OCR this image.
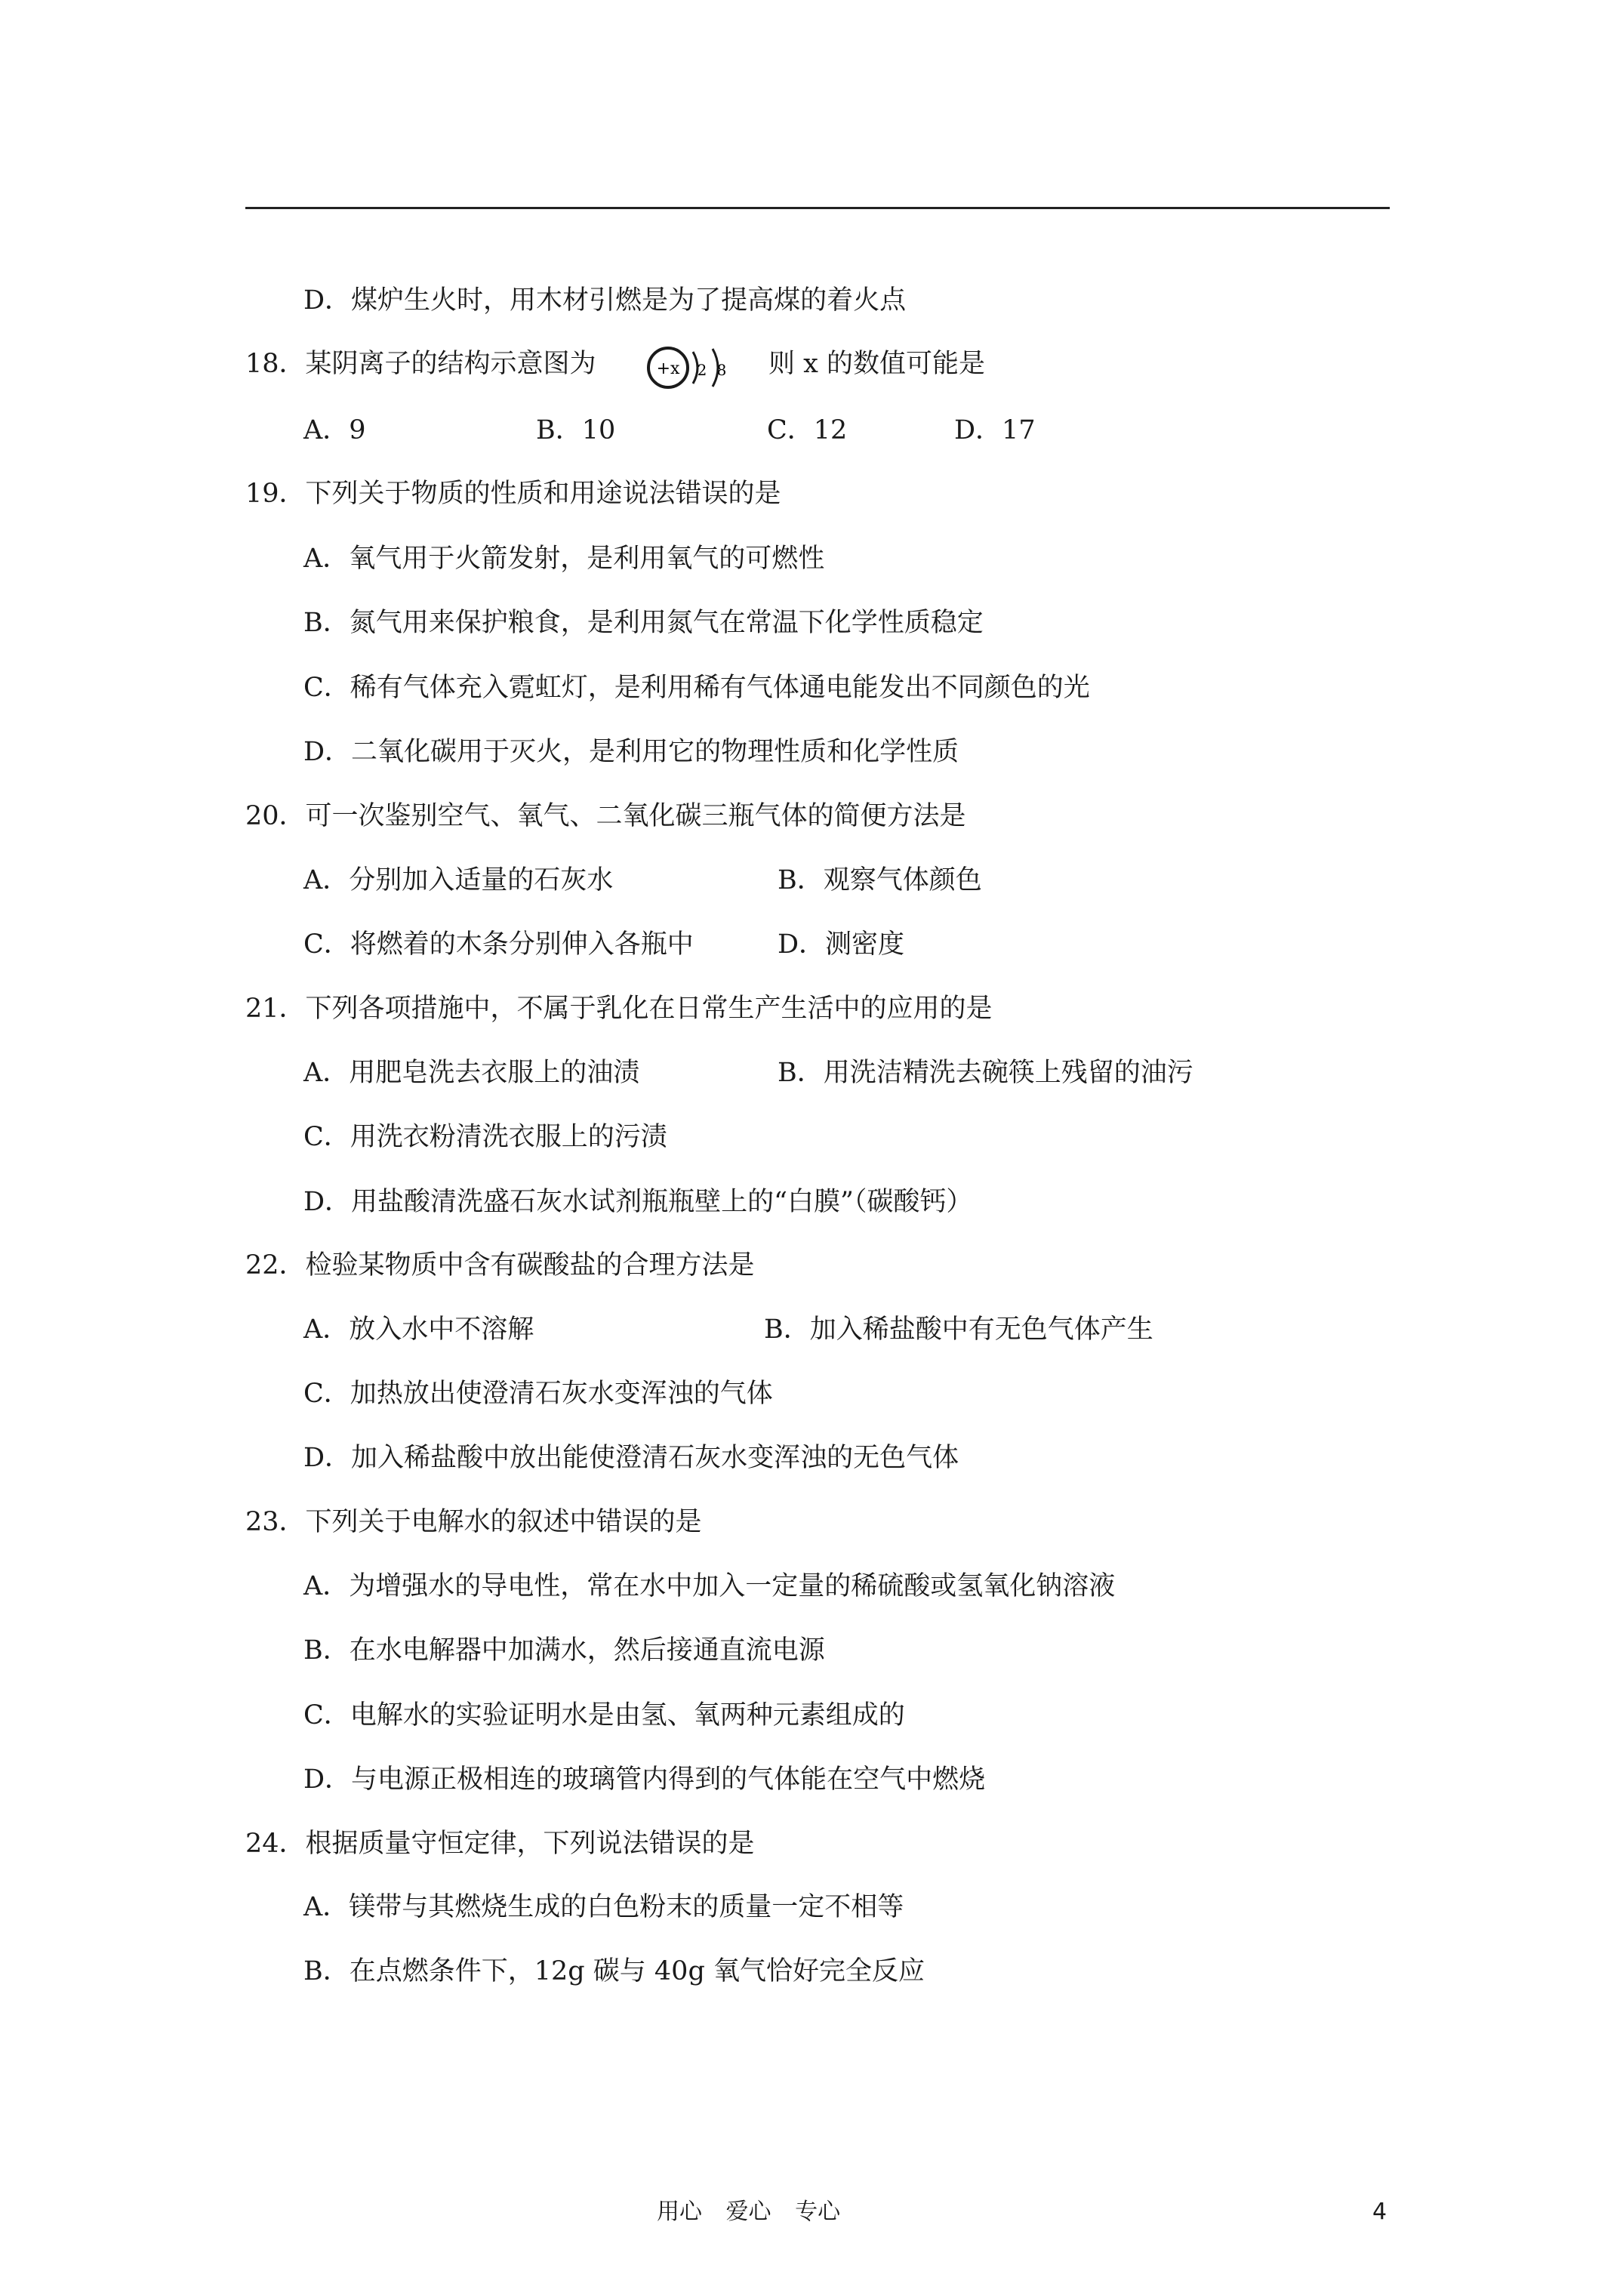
D．煤炉生火时，用木材引燃是为了提高煤的着火点
18．某阴离子的结构示意图为	+x 2 8 则 x 的数值可能是
A．9	B．10	C．12	D．17
19．下列关于物质的性质和用途说法错误的是
A．氧气用于火箭发射，是利用氧气的可燃性
B．氮气用来保护粮食，是利用氮气在常温下化学性质稳定
C．稀有气体充入霓虹灯，是利用稀有气体通电能发出不同颜色的光
D．二氧化碳用于灭火，是利用它的物理性质和化学性质
20．可一次鉴别空气、氧气、二氧化碳三瓶气体的简便方法是
A．分别加入适量的石灰水	B．观察气体颜色
C．将燃着的木条分别伸入各瓶中	D．测密度
21．下列各项措施中，不属于乳化在日常生产生活中的应用的是
A．用肥皂洗去衣服上的油渍	B．用洗洁精洗去碗筷上残留的油污
C．用洗衣粉清洗衣服上的污渍
D．用盐酸清洗盛石灰水试剂瓶瓶壁上的“白膜”（碳酸钙）
22．检验某物质中含有碳酸盐的合理方法是
A．放入水中不溶解	B．加入稀盐酸中有无色气体产生
C．加热放出使澄清石灰水变浑浊的气体
D．加入稀盐酸中放出能使澄清石灰水变浑浊的无色气体
23．下列关于电解水的叙述中错误的是
A．为增强水的导电性，常在水中加入一定量的稀硫酸或氢氧化钠溶液
B．在水电解器中加满水，然后接通直流电源
C．电解水的实验证明水是由氢、氧两种元素组成的
D．与电源正极相连的玻璃管内得到的气体能在空气中燃烧
24．根据质量守恒定律，下列说法错误的是
A．镁带与其燃烧生成的白色粉末的质量一定不相等
B．在点燃条件下，12g 碳与 40g 氧气恰好完全反应
用心 爱心 专心	4
